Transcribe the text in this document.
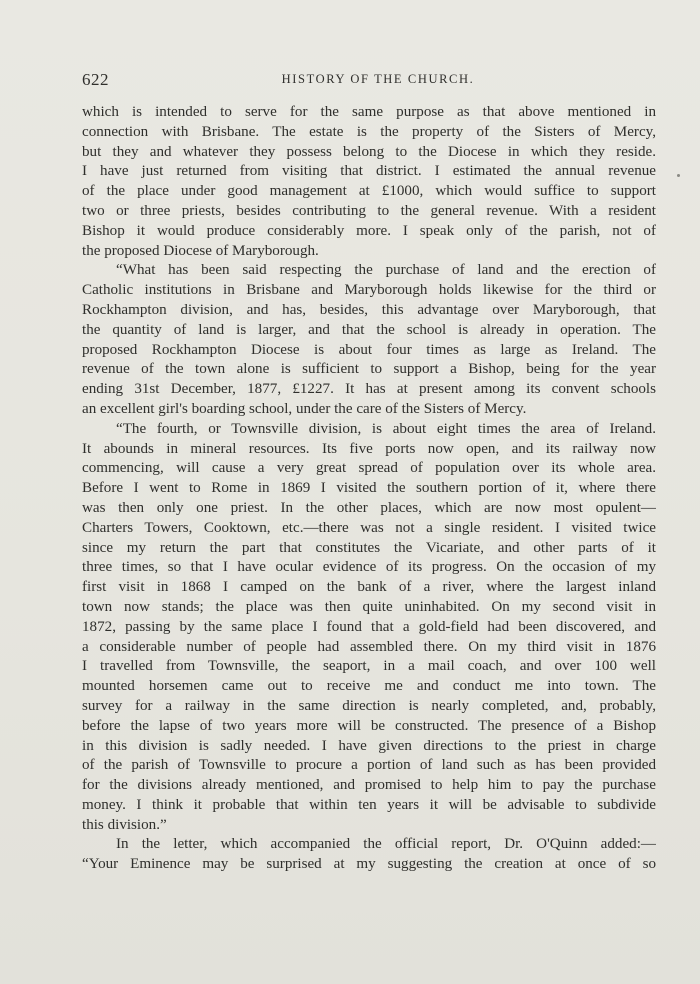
622	HISTORY OF THE CHURCH.
which is intended to serve for the same purpose as that above mentioned in
connection with Brisbane. The estate is the property of the Sisters of Mercy,
but they and whatever they possess belong to the Diocese in which they reside.
I have just returned from visiting that district. I estimated the annual revenue
of the place under good management at £1000, which would suffice to support
two or three priests, besides contributing to the general revenue. With a resident
Bishop it would produce considerably more. I speak only of the parish, not of
the proposed Diocese of Maryborough.
“What has been said respecting the purchase of land and the erection of
Catholic institutions in Brisbane and Maryborough holds likewise for the third or
Rockhampton division, and has, besides, this advantage over Maryborough, that
the quantity of land is larger, and that the school is already in operation. The
proposed Rockhampton Diocese is about four times as large as Ireland. The
revenue of the town alone is sufficient to support a Bishop, being for the year
ending 31st December, 1877, £1227. It has at present among its convent schools
an excellent girl's boarding school, under the care of the Sisters of Mercy.
“The fourth, or Townsville division, is about eight times the area of Ireland.
It abounds in mineral resources. Its five ports now open, and its railway now
commencing, will cause a very great spread of population over its whole area.
Before I went to Rome in 1869 I visited the southern portion of it, where there
was then only one priest. In the other places, which are now most opulent—
Charters Towers, Cooktown, etc.—there was not a single resident. I visited twice
since my return the part that constitutes the Vicariate, and other parts of it
three times, so that I have ocular evidence of its progress. On the occasion of my
first visit in 1868 I camped on the bank of a river, where the largest inland
town now stands; the place was then quite uninhabited. On my second visit in
1872, passing by the same place I found that a gold-field had been discovered, and
a considerable number of people had assembled there. On my third visit in 1876
I travelled from Townsville, the seaport, in a mail coach, and over 100 well
mounted horsemen came out to receive me and conduct me into town. The
survey for a railway in the same direction is nearly completed, and, probably,
before the lapse of two years more will be constructed. The presence of a Bishop
in this division is sadly needed. I have given directions to the priest in charge
of the parish of Townsville to procure a portion of land such as has been provided
for the divisions already mentioned, and promised to help him to pay the purchase
money. I think it probable that within ten years it will be advisable to subdivide
this division.”
In the letter, which accompanied the official report, Dr. O'Quinn added:—
“Your Eminence may be surprised at my suggesting the creation at once of so
